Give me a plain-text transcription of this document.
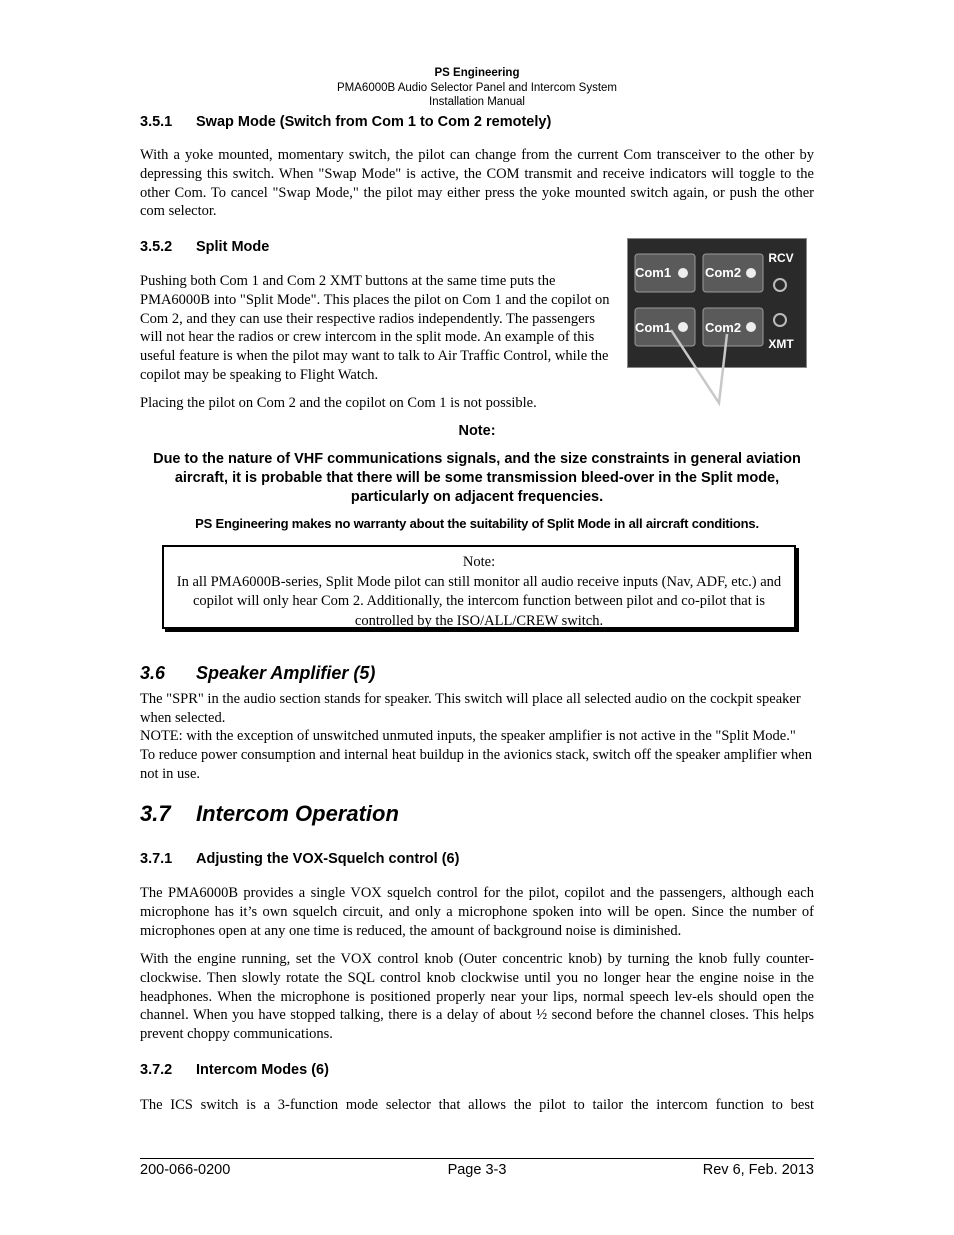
PS Engineering
PMA6000B Audio Selector Panel and Intercom System
Installation Manual
3.5.1 Swap Mode (Switch from Com 1 to Com 2 remotely)
With a yoke mounted, momentary switch, the pilot can change from the current Com transceiver to the other by depressing this switch. When "Swap Mode" is active, the COM transmit and receive indicators will toggle to the other Com. To cancel "Swap Mode," the pilot may either press the yoke mounted switch again, or push the other com selector.
3.5.2 Split Mode
Pushing both Com 1 and Com 2 XMT buttons at the same time puts the PMA6000B into "Split Mode". This places the pilot on Com 1 and the copilot on Com 2, and they can use their respective radios independently. The passengers will not hear the radios or crew intercom in the split mode. An example of this useful feature is when the pilot may want to talk to Air Traffic Control, while the copilot may be speaking to Flight Watch.
Placing the pilot on Com 2 and the copilot on Com 1 is not possible.
Com1	Com2
Com1	Com2
RCV
XMT
Note:
Due to the nature of VHF communications signals, and the size constraints in general aviation aircraft, it is probable that there will be some transmission bleed-over in the Split mode, particularly on adjacent frequencies.
PS Engineering makes no warranty about the suitability of Split Mode in all aircraft conditions.
Note:
In all PMA6000B-series, Split Mode pilot can still monitor all audio receive inputs (Nav, ADF, etc.) and copilot will only hear Com 2. Additionally, the intercom function between pilot and co-pilot that is controlled by the ISO/ALL/CREW switch.
3.6 Speaker Amplifier (5)
The "SPR" in the audio section stands for speaker. This switch will place all selected audio on the cockpit speaker when selected.
NOTE: with the exception of unswitched unmuted inputs, the speaker amplifier is not active in the "Split Mode." To reduce power consumption and internal heat buildup in the avionics stack, switch off the speaker amplifier when not in use.
3.7 Intercom Operation
3.7.1 Adjusting the VOX-Squelch control (6)
The PMA6000B provides a single VOX squelch control for the pilot, copilot and the passengers, although each microphone has it’s own squelch circuit, and only a microphone spoken into will be open. Since the number of microphones open at any one time is reduced, the amount of background noise is diminished.
With the engine running, set the VOX control knob (Outer concentric knob) by turning the knob fully counter-clockwise. Then slowly rotate the SQL control knob clockwise until you no longer hear the engine noise in the headphones. When the microphone is positioned properly near your lips, normal speech lev-els should open the channel. When you have stopped talking, there is a delay of about ½ second before the channel closes. This helps prevent choppy communications.
3.7.2 Intercom Modes (6)
The ICS switch is a 3-function mode selector that allows the pilot to tailor the intercom function to best
200-066-0200	Page 3-3	Rev 6, Feb. 2013
